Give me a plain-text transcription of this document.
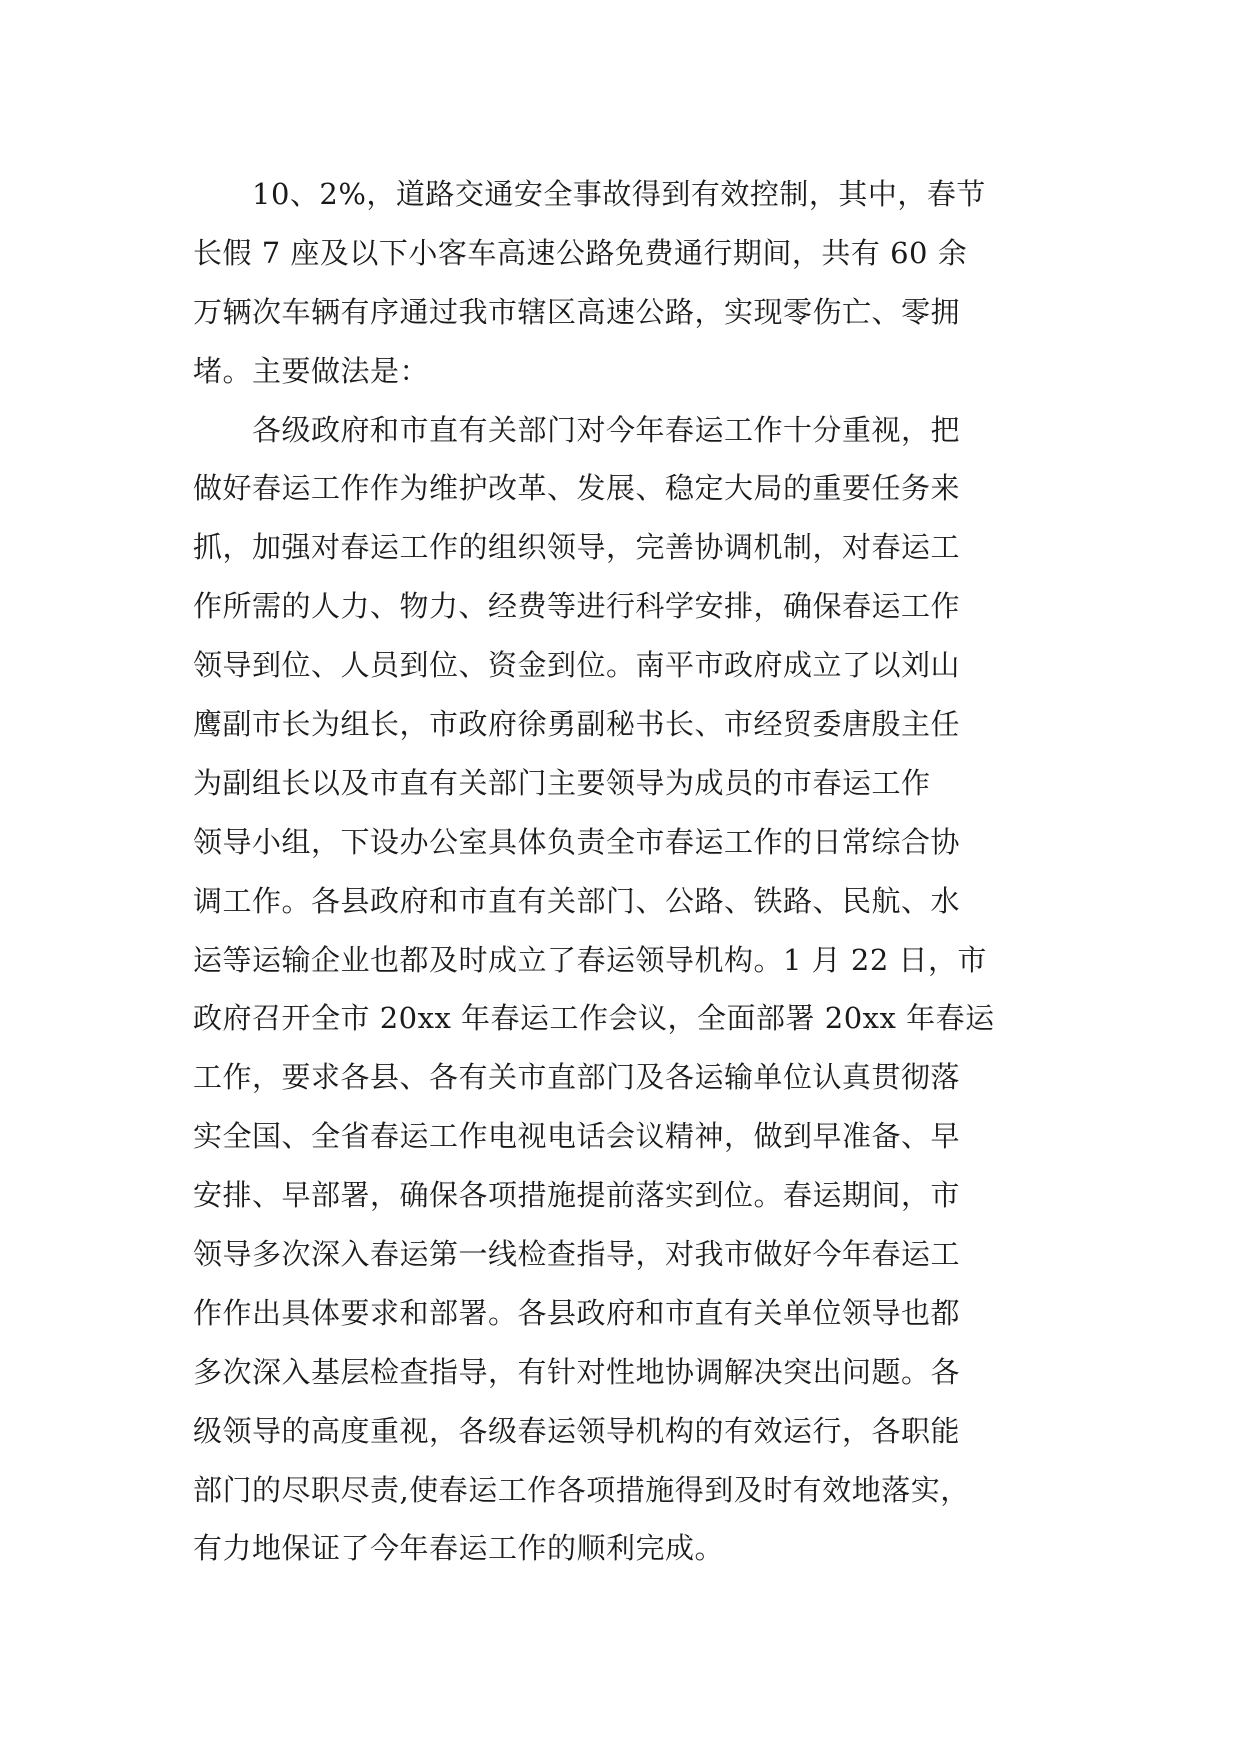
　　10、2%，道路交通安全事故得到有效控制，其中，春节
长假 7 座及以下小客车高速公路免费通行期间，共有 60 余
万辆次车辆有序通过我市辖区高速公路，实现零伤亡、零拥
堵。主要做法是：
　　各级政府和市直有关部门对今年春运工作十分重视，把
做好春运工作作为维护改革、发展、稳定大局的重要任务来
抓，加强对春运工作的组织领导，完善协调机制，对春运工
作所需的人力、物力、经费等进行科学安排，确保春运工作
领导到位、人员到位、资金到位。南平市政府成立了以刘山
鹰副市长为组长，市政府徐勇副秘书长、市经贸委唐殷主任
为副组长以及市直有关部门主要领导为成员的市春运工作
领导小组，下设办公室具体负责全市春运工作的日常综合协
调工作。各县政府和市直有关部门、公路、铁路、民航、水
运等运输企业也都及时成立了春运领导机构。1 月 22 日，市
政府召开全市 20xx 年春运工作会议，全面部署 20xx 年春运
工作，要求各县、各有关市直部门及各运输单位认真贯彻落
实全国、全省春运工作电视电话会议精神，做到早准备、早
安排、早部署，确保各项措施提前落实到位。春运期间，市
领导多次深入春运第一线检查指导，对我市做好今年春运工
作作出具体要求和部署。各县政府和市直有关单位领导也都
多次深入基层检查指导，有针对性地协调解决突出问题。各
级领导的高度重视，各级春运领导机构的有效运行，各职能
部门的尽职尽责,使春运工作各项措施得到及时有效地落实，
有力地保证了今年春运工作的顺利完成。
